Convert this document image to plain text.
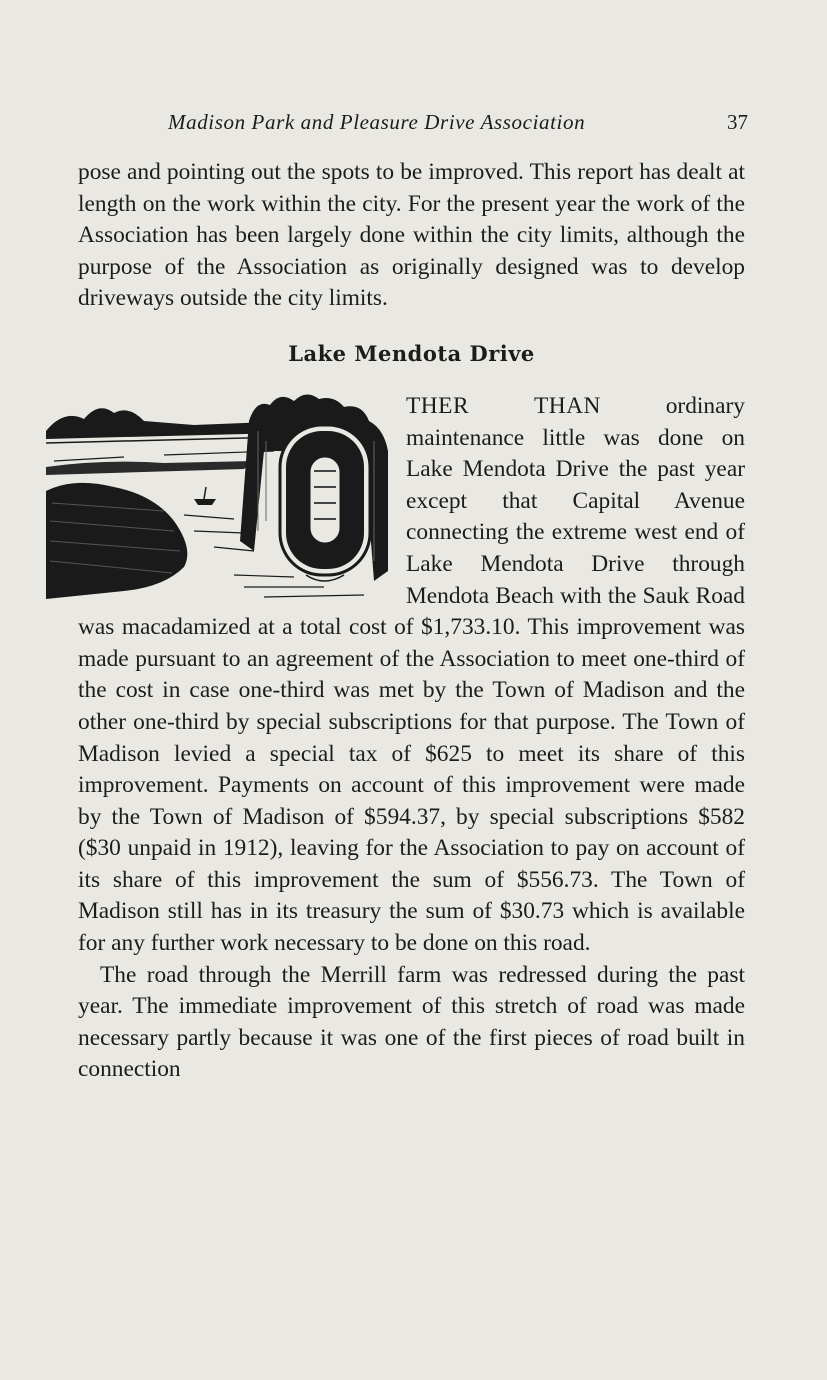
Madison Park and Pleasure Drive Association	37

pose and pointing out the spots to be improved. This report has dealt at length on the work within the city. For the present year the work of the Association has been largely done within the city limits, although the purpose of the Association as originally designed was to develop driveways outside the city limits.

Lake Mendota Drive

THER THAN	ordinary maintenance little was done on Lake Mendota Drive the past year except that Capital Avenue connecting the extreme west end of Lake Mendota Drive through Mendota Beach with the Sauk Road was macadamized at a total cost of $1,733.10. This improvement was made pursuant to an agreement of the Association to meet one-third of the cost in case one-third was met by the Town of Madison and the other one-third by special subscriptions for that purpose. The Town of Madison levied a special tax of $625 to meet its share of this improvement. Payments on account of this improvement were made by the Town of Madison of $594.37, by special subscriptions $582 ($30 unpaid in 1912), leaving for the Association to pay on account of its share of this improvement the sum of $556.73. The Town of Madison still has in its treasury the sum of $30.73 which is available for any further work necessary to be done on this road.

The road through the Merrill farm was redressed during the past year. The immediate improvement of this stretch of road was made necessary partly because it was one of the first pieces of road built in connection
